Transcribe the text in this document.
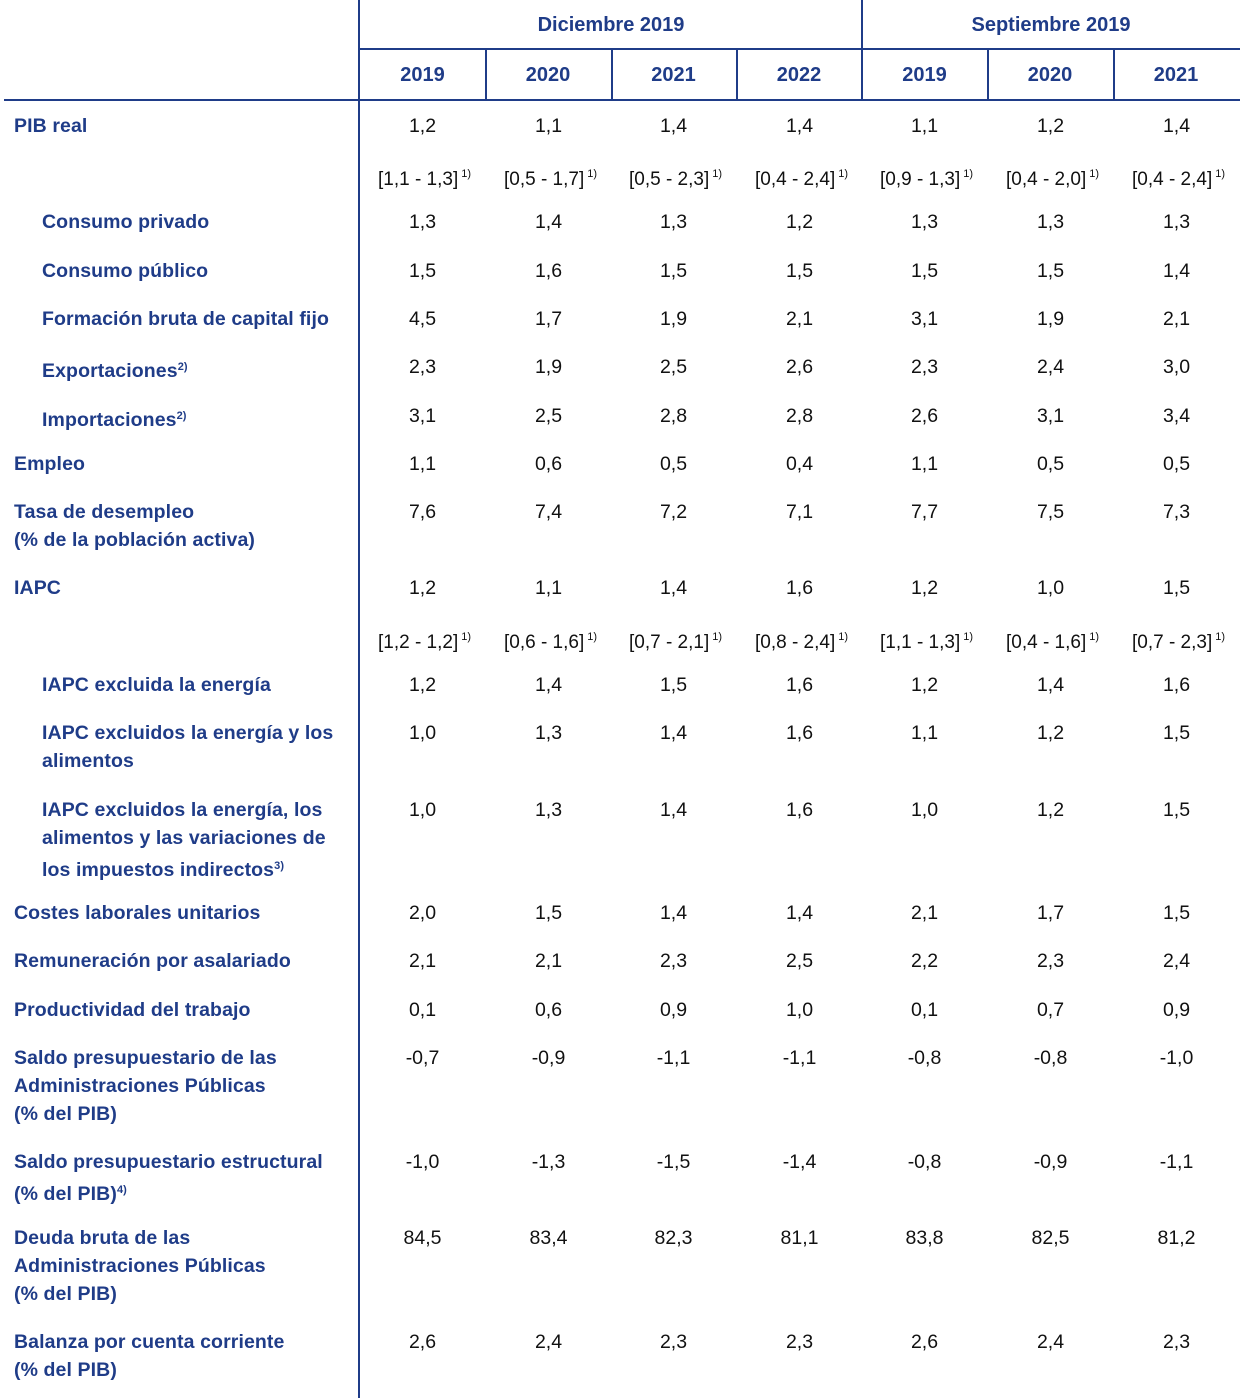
Diciembre 2019	Septiembre 2019
2019	2020	2021	2022	2019	2020	2021
PIB real	1,2	1,1	1,4	1,4	1,1	1,2	1,4
[1,1 - 1,3] $^{1)}$	[0,5 - 1,7] $^{1)}$	[0,5 - 2,3] $^{1)}$	[0,4 - 2,4] $^{1)}$	[0,9 - 1,3] $^{1)}$	[0,4 - 2,0] $^{1)}$	[0,4 - 2,4] $^{1)}$
Consumo privado	1,3	1,4	1,3	1,2	1,3	1,3	1,3
Consumo público	1,5	1,6	1,5	1,5	1,5	1,5	1,4
Formación bruta de capital fijo	4,5	1,7	1,9	2,1	3,1	1,9	2,1
Exportaciones$^{2)}$	2,3	1,9	2,5	2,6	2,3	2,4	3,0
Importaciones$^{2)}$	3,1	2,5	2,8	2,8	2,6	3,1	3,4
Empleo	1,1	0,6	0,5	0,4	1,1	0,5	0,5
Tasa de desempleo
(% de la población activa)
7,6	7,4	7,2	7,1	7,7	7,5	7,3
IAPC	1,2	1,1	1,4	1,6	1,2	1,0	1,5
[1,2 - 1,2] $^{1)}$	[0,6 - 1,6] $^{1)}$	[0,7 - 2,1] $^{1)}$	[0,8 - 2,4] $^{1)}$	[1,1 - 1,3] $^{1)}$	[0,4 - 1,6] $^{1)}$	[0,7 - 2,3] $^{1)}$
IAPC excluida la energía	1,2	1,4	1,5	1,6	1,2	1,4	1,6
IAPC excluidos la energía y los alimentos
1,0	1,3	1,4	1,6	1,1	1,2	1,5
IAPC excluidos la energía, los alimentos y las variaciones de los impuestos indirectos$^{3)}$
1,0	1,3	1,4	1,6	1,0	1,2	1,5
Costes laborales unitarios	2,0	1,5	1,4	1,4	2,1	1,7	1,5
Remuneración por asalariado	2,1	2,1	2,3	2,5	2,2	2,3	2,4
Productividad del trabajo	0,1	0,6	0,9	1,0	0,1	0,7	0,9
Saldo presupuestario de las Administraciones Públicas
(% del PIB)
-0,7	-0,9	-1,1	-1,1	-0,8	-0,8	-1,0
Saldo presupuestario estructural
(% del PIB)$^{4)}$
-1,0	-1,3	-1,5	-1,4	-0,8	-0,9	-1,1
Deuda bruta de las
Administraciones Públicas
(% del PIB)
84,5	83,4	82,3	81,1	83,8	82,5	81,2
Balanza por cuenta corriente
(% del PIB)
2,6	2,4	2,3	2,3	2,6	2,4	2,3
